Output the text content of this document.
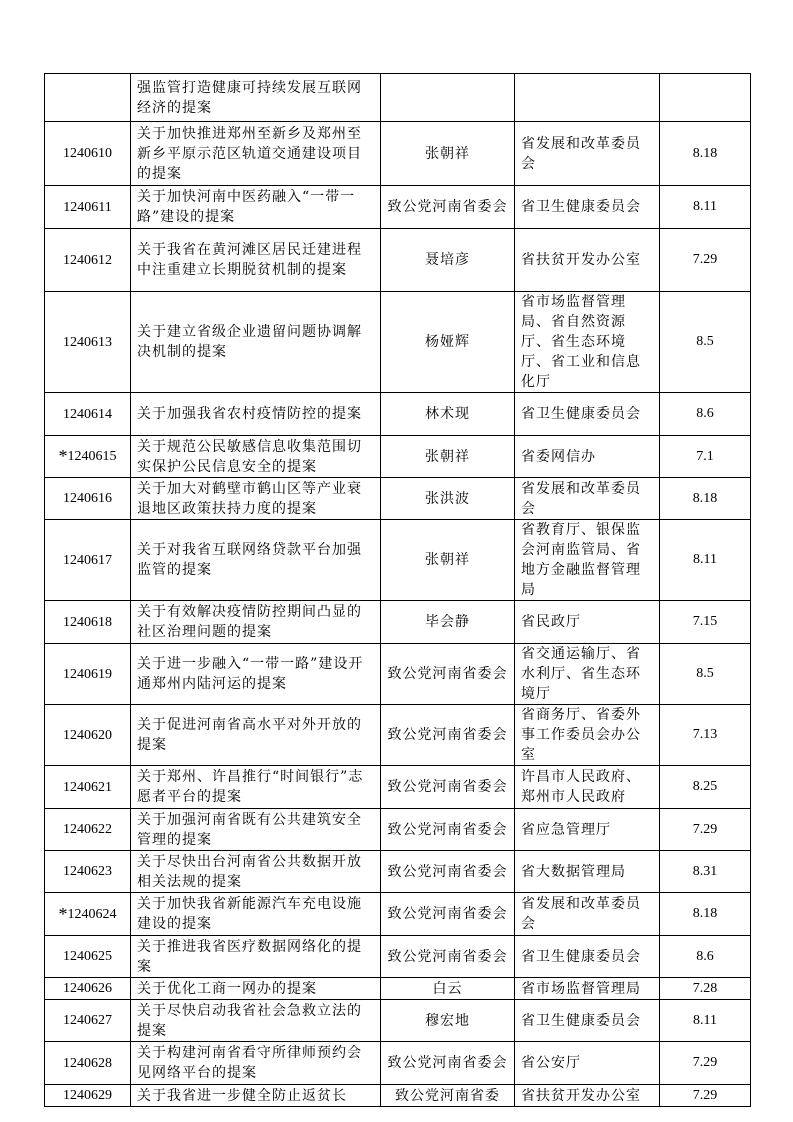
	强监管打造健康可持续发展互联网经济的提案			
1240610	关于加快推进郑州至新乡及郑州至新乡平原示范区轨道交通建设项目的提案	张朝祥	省发展和改革委员会	8.18
1240611	关于加快河南中医药融入“一带一路”建设的提案	致公党河南省委会	省卫生健康委员会	8.11
1240612	关于我省在黄河滩区居民迁建进程中注重建立长期脱贫机制的提案	聂培彦	省扶贫开发办公室	7.29
1240613	关于建立省级企业遗留问题协调解决机制的提案	杨娅辉	省市场监督管理局、省自然资源厅、省生态环境厅、省工业和信息化厅	8.5
1240614	关于加强我省农村疫情防控的提案	林术现	省卫生健康委员会	8.6
*1240615	关于规范公民敏感信息收集范围切实保护公民信息安全的提案	张朝祥	省委网信办	7.1
1240616	关于加大对鹤壁市鹤山区等产业衰退地区政策扶持力度的提案	张洪波	省发展和改革委员会	8.18
1240617	关于对我省互联网络贷款平台加强监管的提案	张朝祥	省教育厅、银保监会河南监管局、省地方金融监督管理局	8.11
1240618	关于有效解决疫情防控期间凸显的社区治理问题的提案	毕会静	省民政厅	7.15
1240619	关于进一步融入“一带一路”建设开通郑州内陆河运的提案	致公党河南省委会	省交通运输厅、省水利厅、省生态环境厅	8.5
1240620	关于促进河南省高水平对外开放的提案	致公党河南省委会	省商务厅、省委外事工作委员会办公室	7.13
1240621	关于郑州、许昌推行“时间银行”志愿者平台的提案	致公党河南省委会	许昌市人民政府、郑州市人民政府	8.25
1240622	关于加强河南省既有公共建筑安全管理的提案	致公党河南省委会	省应急管理厅	7.29
1240623	关于尽快出台河南省公共数据开放相关法规的提案	致公党河南省委会	省大数据管理局	8.31
*1240624	关于加快我省新能源汽车充电设施建设的提案	致公党河南省委会	省发展和改革委员会	8.18
1240625	关于推进我省医疗数据网络化的提案	致公党河南省委会	省卫生健康委员会	8.6
1240626	关于优化工商一网办的提案	白云	省市场监督管理局	7.28
1240627	关于尽快启动我省社会急救立法的提案	穆宏地	省卫生健康委员会	8.11
1240628	关于构建河南省看守所律师预约会见网络平台的提案	致公党河南省委会	省公安厅	7.29
1240629	关于我省进一步健全防止返贫长	致公党河南省委	省扶贫开发办公室	7.29
